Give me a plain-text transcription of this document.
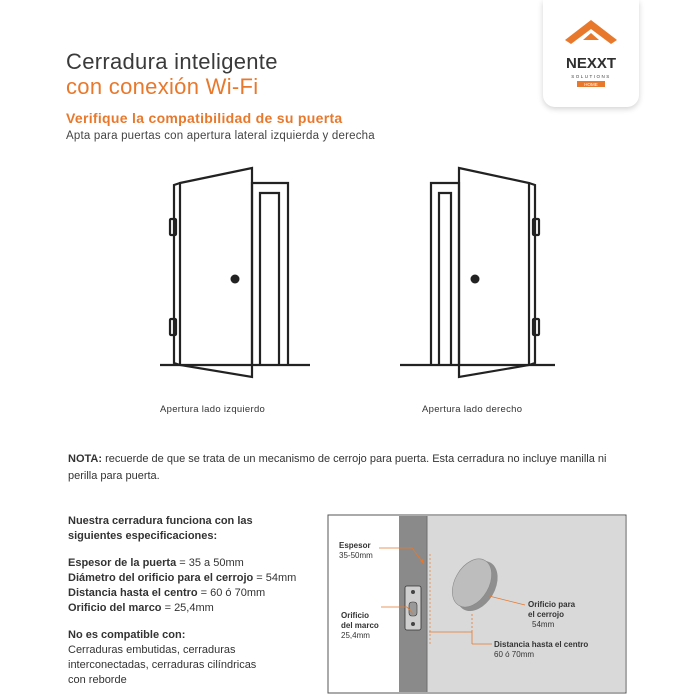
Cerradura inteligente
con conexión Wi-Fi
NEXXT
SOLUTIONS
HOME
Verifique la compatibilidad de su puerta
Apta para puertas con apertura lateral izquierda y derecha
Apertura lado izquierdo	Apertura lado derecho
NOTA: recuerde de que se trata de un mecanismo de cerrojo para puerta. Esta cerradura no incluye manilla ni perilla para puerta.

Nuestra cerradura funciona con las

siguientes especificaciones:

Espesor de la puerta = 35 a 50mm

Diámetro del orificio para el cerrojo = 54mm

Distancia hasta el centro = 60 ó 70mm

Orificio del marco = 25,4mm

No es compatible con:

Cerraduras embutidas, cerraduras

interconectadas, cerraduras cilíndricas

con reborde

Espesor
35-50mm
Orificio
del marco
25,4mm
Orificio para
el cerrojo
54mm
Distancia hasta el centro
60 ó 70mm
